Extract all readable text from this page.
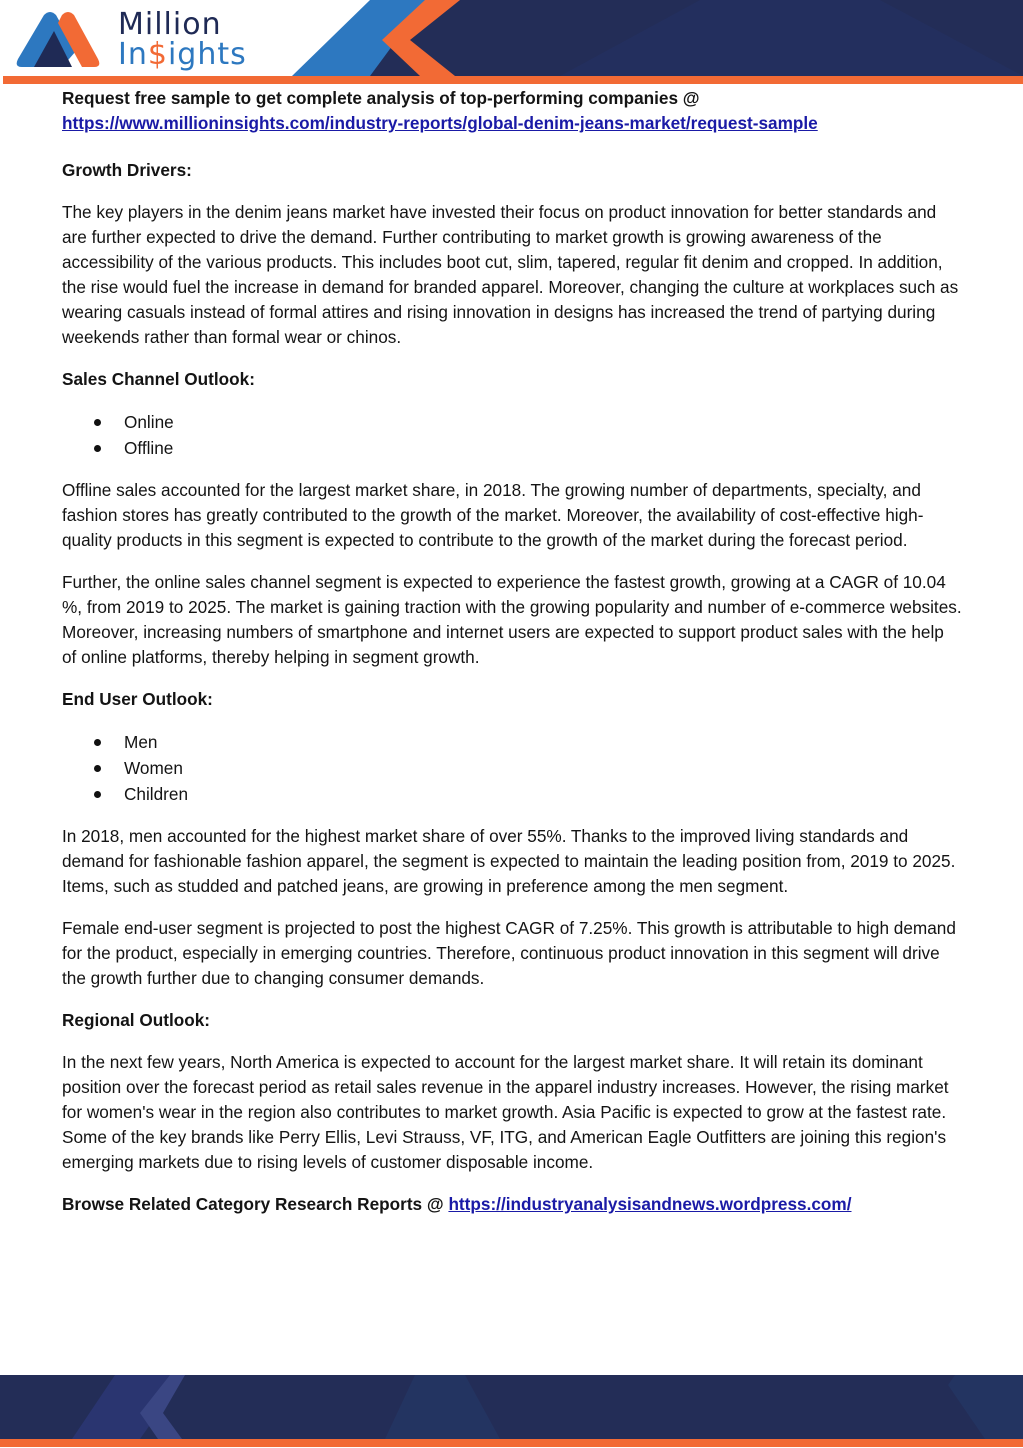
Million
In$ights

Request free sample to get complete analysis of top-performing companies @

https://www.millioninsights.com/industry-reports/global-denim-jeans-market/request-sample

Growth Drivers:

The key players in the denim jeans market have invested their focus on product innovation for better standards and are further expected to drive the demand. Further contributing to market growth is growing awareness of the accessibility of the various products. This includes boot cut, slim, tapered, regular fit denim and cropped. In addition, the rise would fuel the increase in demand for branded apparel. Moreover, changing the culture at workplaces such as wearing casuals instead of formal attires and rising innovation in designs has increased the trend of partying during weekends rather than formal wear or chinos.

Sales Channel Outlook:

Online
Offline

Offline sales accounted for the largest market share, in 2018. The growing number of departments, specialty, and fashion stores has greatly contributed to the growth of the market. Moreover, the availability of cost-effective high-quality products in this segment is expected to contribute to the growth of the market during the forecast period.

Further, the online sales channel segment is expected to experience the fastest growth, growing at a CAGR of 10.04 %, from 2019 to 2025. The market is gaining traction with the growing popularity and number of e-commerce websites. Moreover, increasing numbers of smartphone and internet users are expected to support product sales with the help of online platforms, thereby helping in segment growth.

End User Outlook:

Men
Women
Children

In 2018, men accounted for the highest market share of over 55%. Thanks to the improved living standards and demand for fashionable fashion apparel, the segment is expected to maintain the leading position from, 2019 to 2025. Items, such as studded and patched jeans, are growing in preference among the men segment.

Female end-user segment is projected to post the highest CAGR of 7.25%. This growth is attributable to high demand for the product, especially in emerging countries. Therefore, continuous product innovation in this segment will drive the growth further due to changing consumer demands.

Regional Outlook:

In the next few years, North America is expected to account for the largest market share. It will retain its dominant position over the forecast period as retail sales revenue in the apparel industry increases. However, the rising market for women's wear in the region also contributes to market growth. Asia Pacific is expected to grow at the fastest rate. Some of the key brands like Perry Ellis, Levi Strauss, VF, ITG, and American Eagle Outfitters are joining this region's emerging markets due to rising levels of customer disposable income.

Browse Related Category Research Reports @ https://industryanalysisandnews.wordpress.com/
